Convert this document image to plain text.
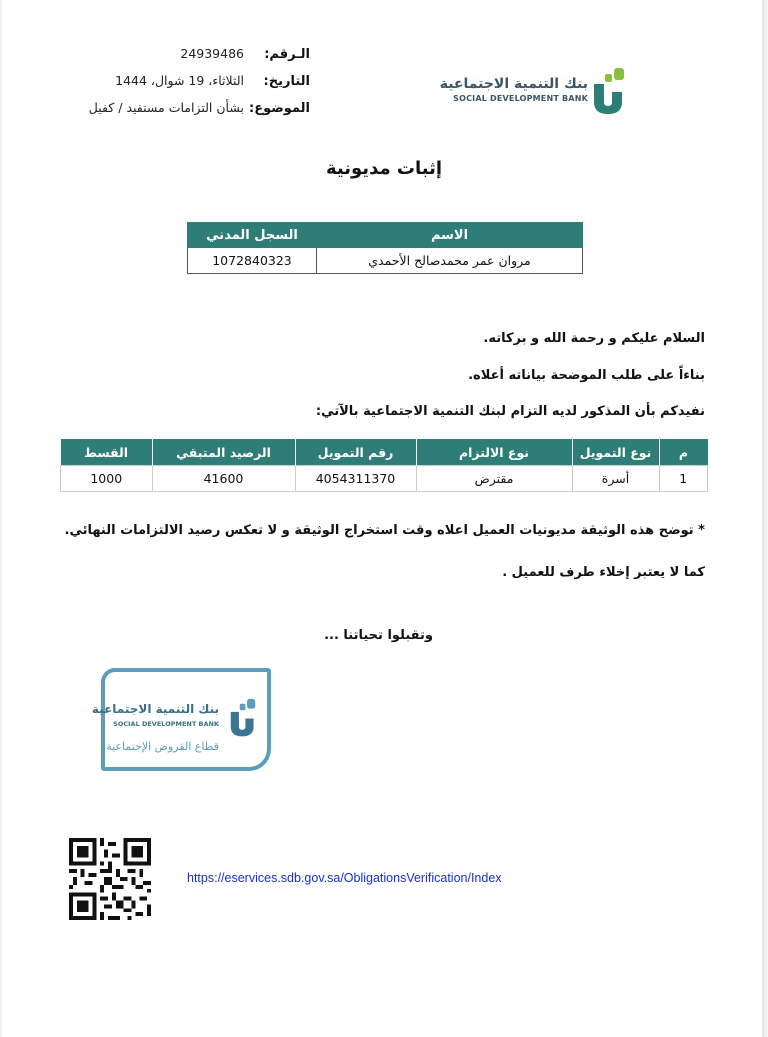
الـرقم:
24939486
التاريخ:
الثلاثاء، 19 شوال، 1444
الموضوع:
بشأن التزامات مستفيد / كفيل
بنك التنمية الاجتماعية
SOCIAL DEVELOPMENT BANK
إثبات مديونية
الاسم	السجل المدني
مروان عمر محمدصالح الأحمدي	1072840323
السلام عليكم و رحمة الله و بركاته.
بناءاً على طلب الموضحة بياناته أعلاه.
نفيدكم بأن المذكور لديه التزام لبنك التنمية الاجتماعية بالآتي:
م	نوع التمويل	نوع الالتزام	رقم التمويل	الرصيد المتبقي	القسط
1	أسرة	مقترض	4054311370	41600	1000
* توضح هذه الوثيقة مديونيات العميل اعلاه وقت استخراج الوثيقة و لا تعكس رصيد الالتزامات النهائي.
كما لا يعتبر إخلاء طرف للعميل .
وتقبلوا تحياتنا ...
بنك التنمية الاجتماعية
SOCIAL DEVELOPMENT BANK
قطاع القروض الإجتماعية
https://eservices.sdb.gov.sa/ObligationsVerification/Index
